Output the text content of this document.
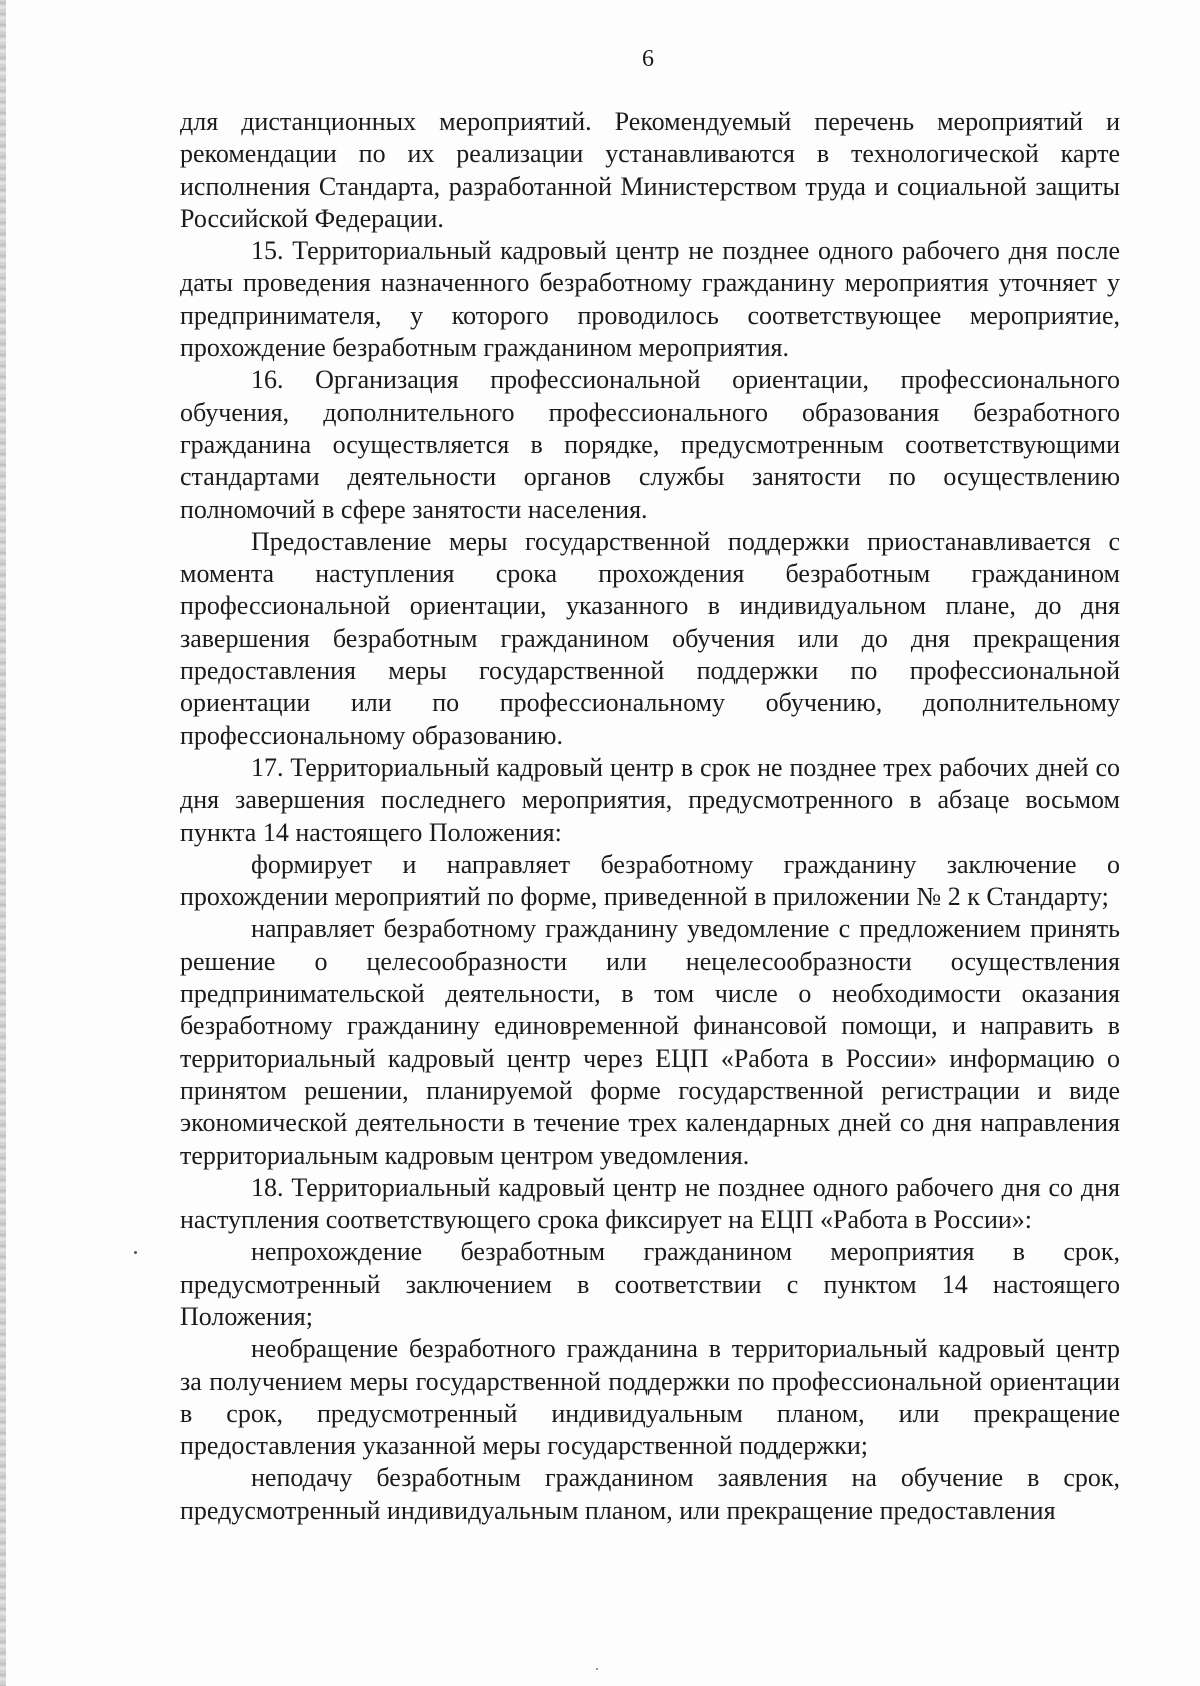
6

для дистанционных мероприятий. Рекомендуемый перечень мероприятий и рекомендации по их реализации устанавливаются в технологической карте исполнения Стандарта, разработанной Министерством труда и социальной защиты Российской Федерации.

15. Территориальный кадровый центр не позднее одного рабочего дня после даты проведения назначенного безработному гражданину мероприятия уточняет у предпринимателя, у которого проводилось соответствующее мероприятие, прохождение безработным гражданином мероприятия.

16. Организация профессиональной ориентации, профессионального обучения, дополнительного профессионального образования безработного гражданина осуществляется в порядке, предусмотренным соответствующими стандартами деятельности органов службы занятости по осуществлению полномочий в сфере занятости населения.

Предоставление меры государственной поддержки приостанавливается с момента наступления срока прохождения безработным гражданином профессиональной ориентации, указанного в индивидуальном плане, до дня завершения безработным гражданином обучения или до дня прекращения предоставления меры государственной поддержки по профессиональной ориентации или по профессиональному обучению, дополнительному профессиональному образованию.

17. Территориальный кадровый центр в срок не позднее трех рабочих дней со дня завершения последнего мероприятия, предусмотренного в абзаце восьмом пункта 14 настоящего Положения:

формирует и направляет безработному гражданину заключение о прохождении мероприятий по форме, приведенной в приложении № 2 к Стандарту;

направляет безработному гражданину уведомление с предложением принять решение о целесообразности или нецелесообразности осуществления предпринимательской деятельности, в том числе о необходимости оказания безработному гражданину единовременной финансовой помощи, и направить в территориальный кадровый центр через ЕЦП «Работа в России» информацию о принятом решении, планируемой форме государственной регистрации и виде экономической деятельности в течение трех календарных дней со дня направления территориальным кадровым центром уведомления.

18. Территориальный кадровый центр не позднее одного рабочего дня со дня наступления соответствующего срока фиксирует на ЕЦП «Работа в России»:

непрохождение безработным гражданином мероприятия в срок, предусмотренный заключением в соответствии с пунктом 14 настоящего Положения;

необращение безработного гражданина в территориальный кадровый центр за получением меры государственной поддержки по профессиональной ориентации в срок, предусмотренный индивидуальным планом, или прекращение предоставления указанной меры государственной поддержки;

неподачу безработным гражданином заявления на обучение в срок, предусмотренный индивидуальным планом, или прекращение предоставления
